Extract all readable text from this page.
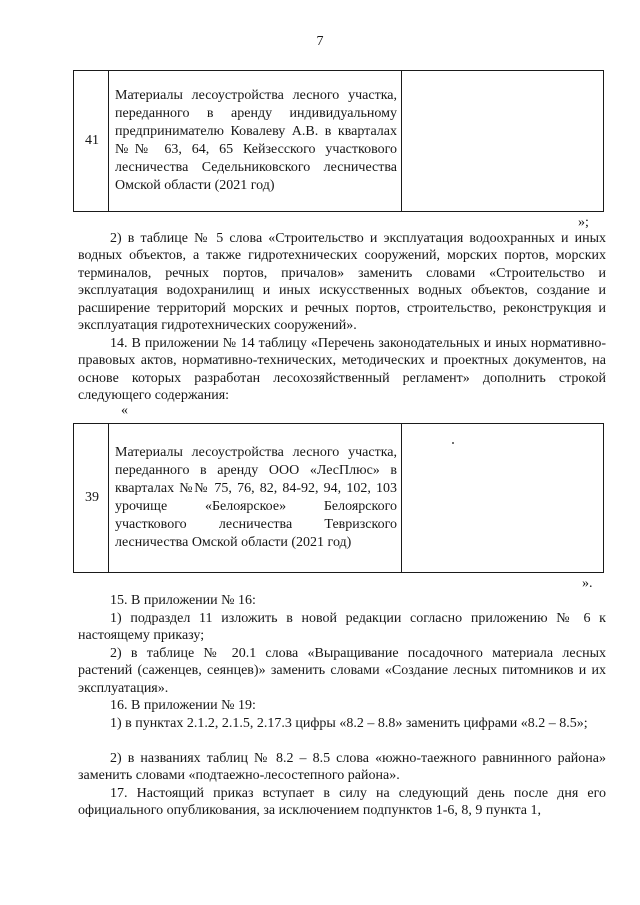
7
41	Материалы лесоустройства лесного участка, переданного в аренду индивидуальному предпринимателю Ковалеву А.В. в кварталах №№ 63, 64, 65 Кейзесского участкового лесничества Седельниковского лесничества Омской области (2021 год)	
»;

2) в таблице № 5 слова «Строительство и эксплуатация водоохранных и иных водных объектов, а также гидротехнических сооружений, морских портов, морских терминалов, речных портов, причалов» заменить словами «Строительство и эксплуатация водохранилищ и иных искусственных водных объектов, создание и расширение территорий морских и речных портов, строительство, реконструкция и эксплуатация гидротехнических сооружений».

14. В приложении № 14 таблицу «Перечень законодательных и иных нормативно-правовых актов, нормативно-технических, методических и проектных документов, на основе которых разработан лесохозяйственный регламент» дополнить строкой следующего содержания:

«
39	Материалы лесоустройства лесного участка, переданного в аренду ООО «ЛесПлюс» в кварталах №№ 75, 76, 82, 84-92, 94, 102, 103 урочище «Белоярское» Белоярского участкового лесничества Тевризского лесничества Омской области (2021 год)	
».

15. В приложении № 16:

1) подраздел 11 изложить в новой редакции согласно приложению № 6 к настоящему приказу;

2) в таблице № 20.1 слова «Выращивание посадочного материала лесных растений (саженцев, сеянцев)» заменить словами «Создание лесных питомников и их эксплуатация».

16. В приложении № 19:

1) в пунктах 2.1.2, 2.1.5, 2.17.3 цифры «8.2 – 8.8» заменить цифрами «8.2 – 8.5»;

2) в названиях таблиц № 8.2 – 8.5 слова «южно-таежного равнинного района» заменить словами «подтаежно-лесостепного района».

17. Настоящий приказ вступает в силу на следующий день после дня его официального опубликования, за исключением подпунктов 1-6, 8, 9 пункта 1,
